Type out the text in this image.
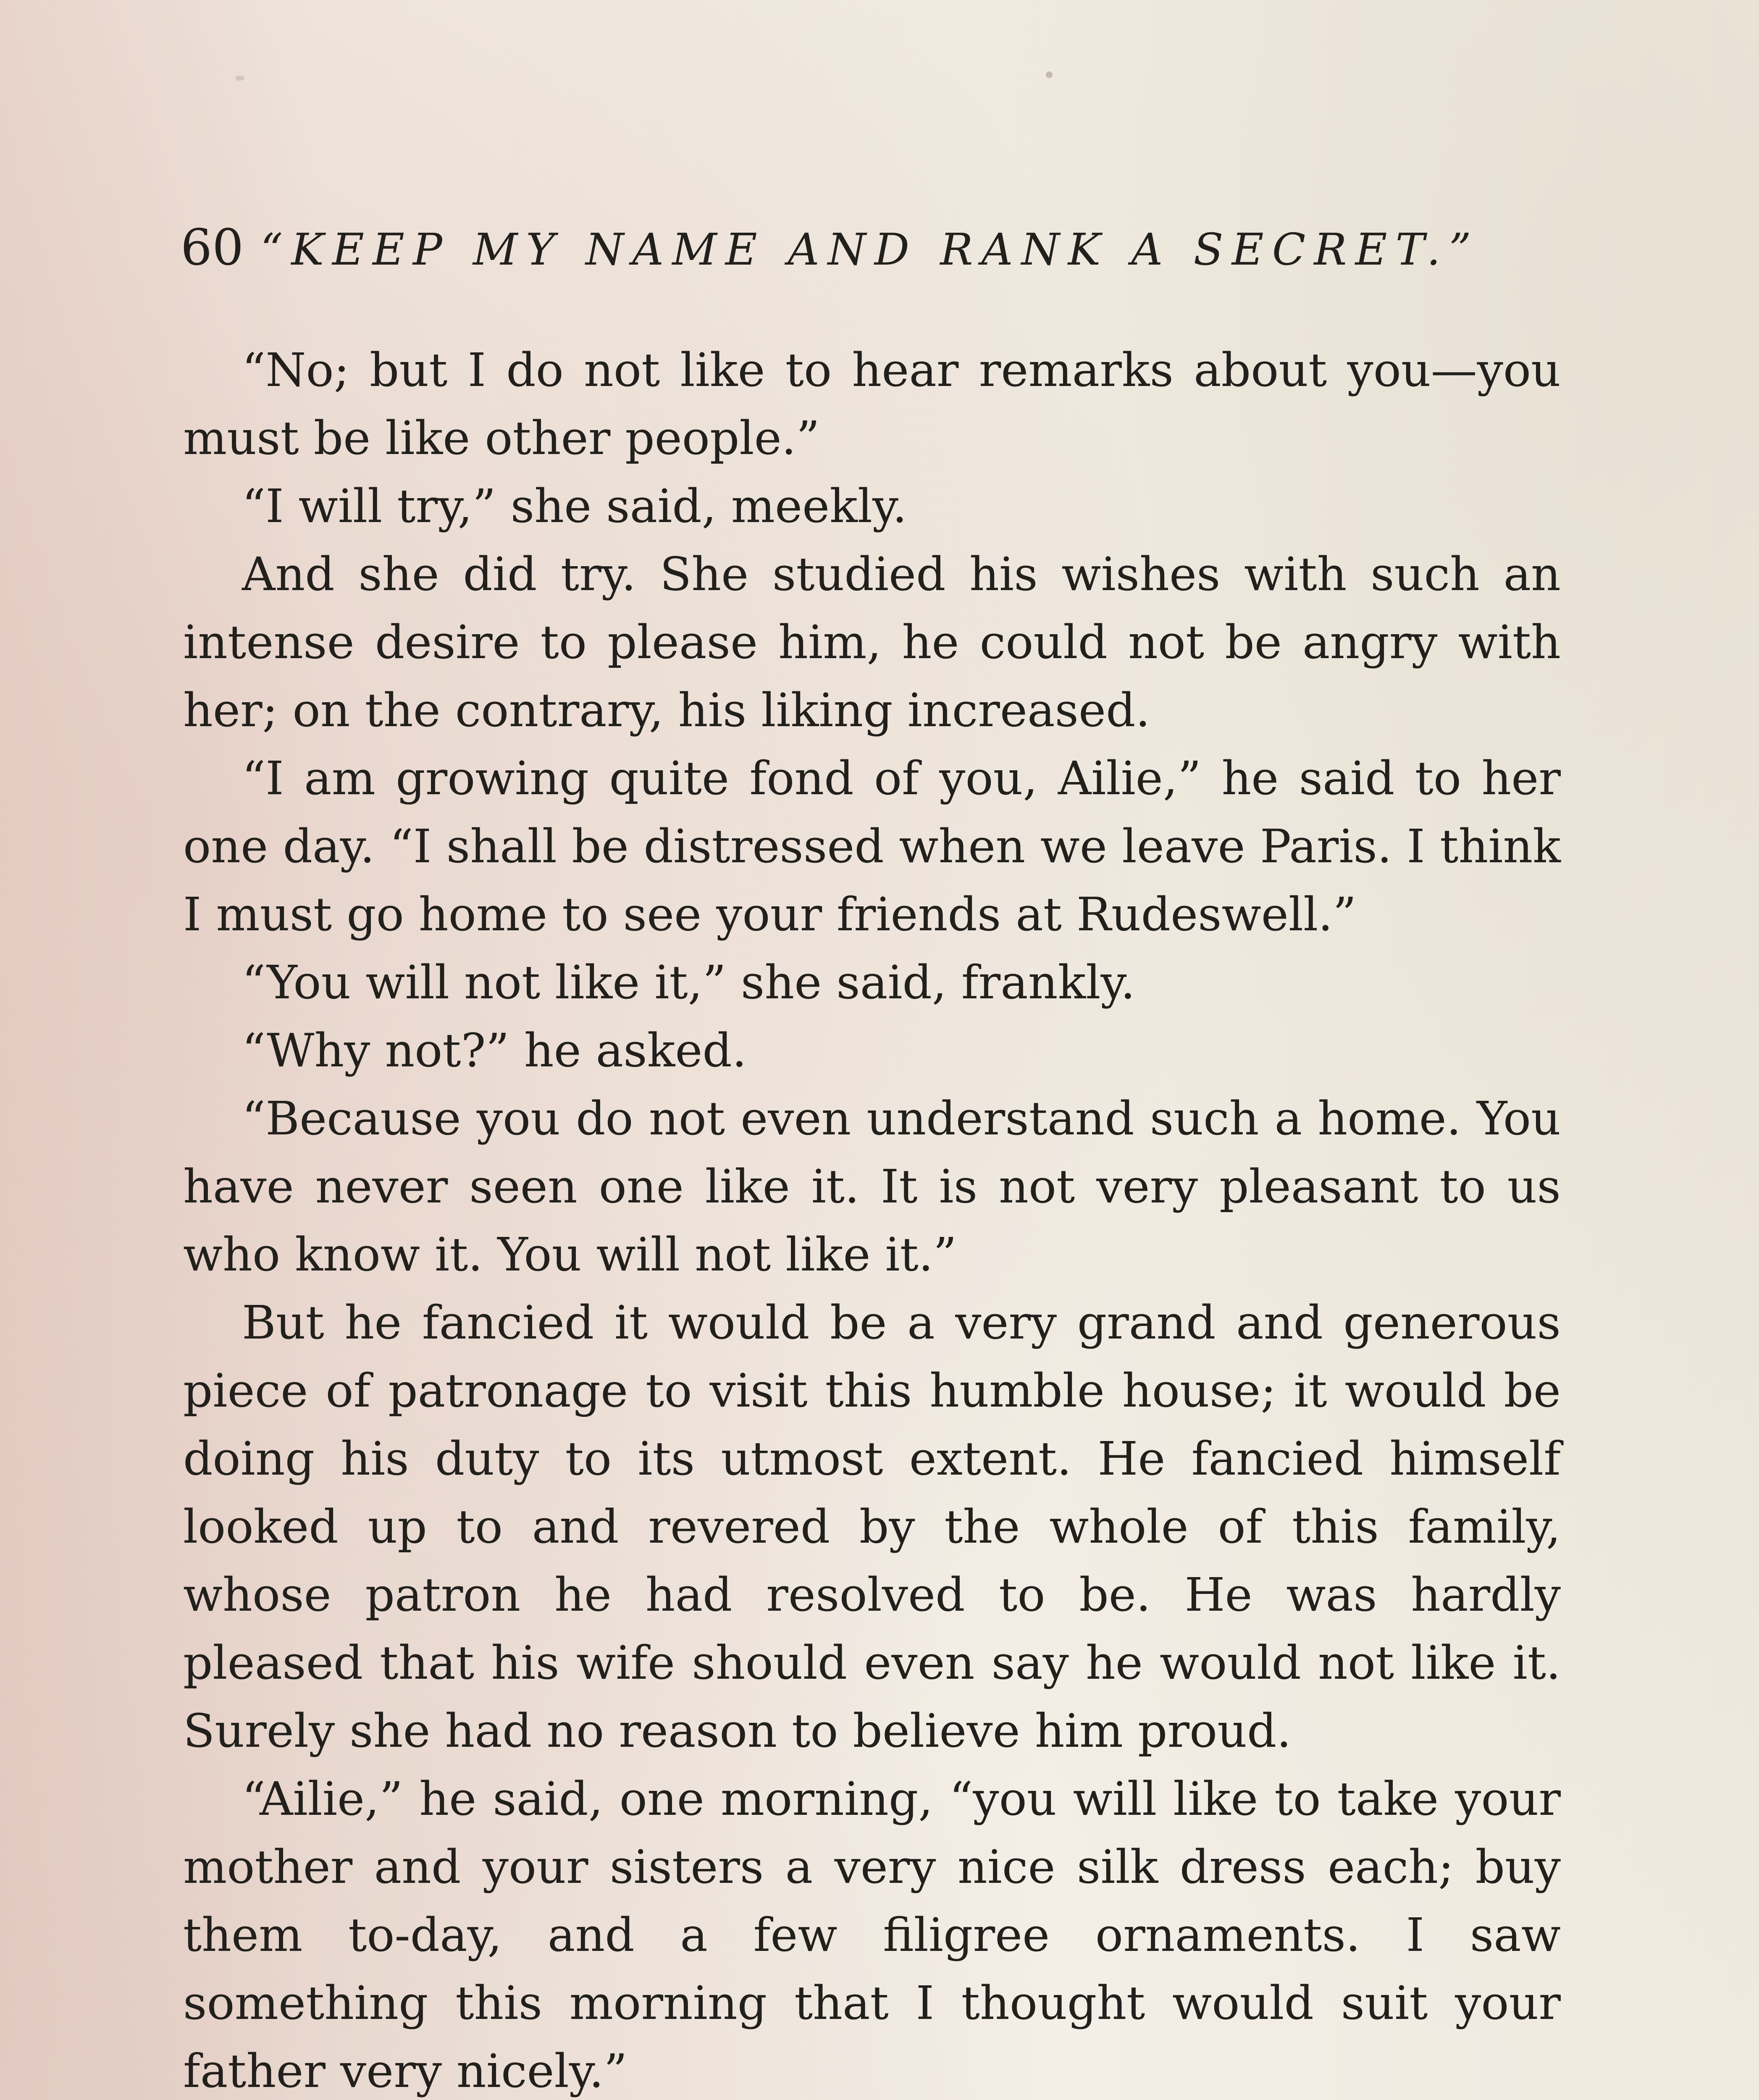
60 “KEEP MY NAME AND RANK A SECRET.”

“No; but I do not like to hear remarks about you—you must be like other people.”

“I will try,” she said, meekly.

And she did try. She studied his wishes with such an intense desire to please him, he could not be angry with her; on the contrary, his liking increased.

“I am growing quite fond of you, Ailie,” he said to her one day. “I shall be distressed when we leave Paris. I think I must go home to see your friends at Rudeswell.”

“You will not like it,” she said, frankly.

“Why not?” he asked.

“Because you do not even understand such a home. You have never seen one like it. It is not very pleasant to us who know it. You will not like it.”

But he fancied it would be a very grand and generous piece of patronage to visit this humble house; it would be doing his duty to its utmost extent. He fancied himself looked up to and revered by the whole of this family, whose patron he had resolved to be. He was hardly pleased that his wife should even say he would not like it. Surely she had no reason to believe him proud.

“Ailie,” he said, one morning, “you will like to take your mother and your sisters a very nice silk dress each; buy them to-day, and a few filigree ornaments. I saw something this morning that I thought would suit your father very nicely.”
